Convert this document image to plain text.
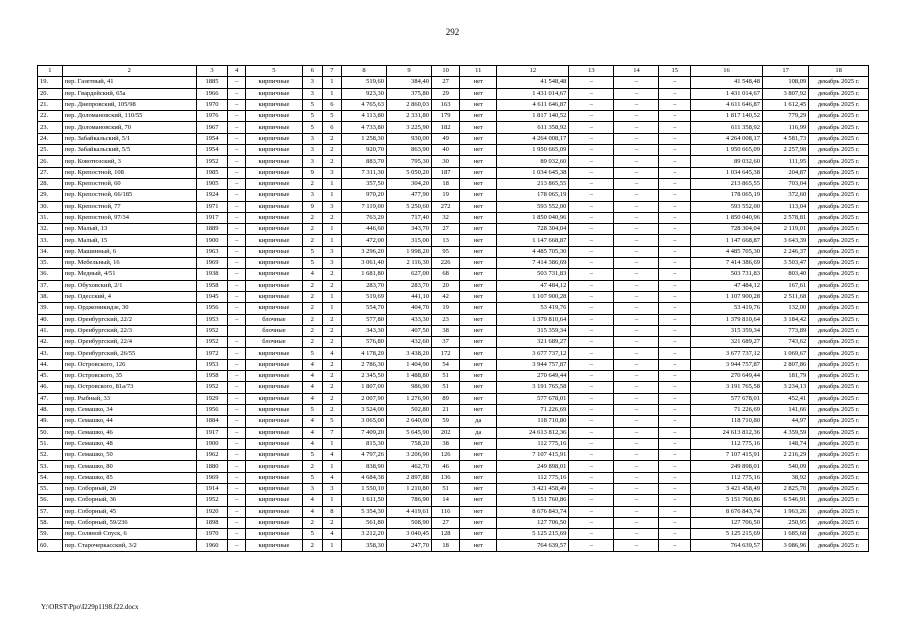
292
1	2	3	4	5	6	7	8	9	10	11	12	13	14	15	16	17	18
19.	пер. Газетный, 41	1885	–	кирпичные	3	1	519,60	384,40	27	нет	41 548,48	–	–	–	41 548,48	108,09	декабрь 2025 г.
20.	пер. Гвардейский, 65а	1966	–	кирпичные	3	1	923,30	375,80	29	нет	1 431 014,67	–	–	–	1 431 014,67	3 807,92	декабрь 2025 г.
21.	пер. Днепровский, 105/98	1970	–	кирпичные	5	6	4 765,63	2 860,03	163	нет	4 611 646,87	–	–	–	4 611 646,87	1 612,45	декабрь 2025 г.
22.	пер. Доломановский, 110/55	1976	–	кирпичные	5	5	4 113,80	2 331,80	179	нет	1 817 140,52	–	–	–	1 817 140,52	779,29	декабрь 2025 г.
23.	пер. Доломановский, 70	1967	–	кирпичные	5	6	4 733,80	3 225,90	182	нет	611 358,92	–	–	–	611 358,92	116,99	декабрь 2025 г.
24.	пер. Забайкальский, 5/1	1954	–	кирпичные	3	2	1 258,30	930,00	49	нет	4 264 008,17	–	–	–	4 264 008,17	4 581,73	декабрь 2025 г.
25.	пер. Забайкальский, 5/5	1954	–	кирпичные	3	2	920,70	863,90	40	нет	1 950 665,09	–	–	–	1 950 665,09	2 257,98	декабрь 2025 г.
26.	пер. Ковотюзский, 3	1952	–	кирпичные	3	2	883,70	795,30	30	нет	89 032,60	–	–	–	89 032,60	111,95	декабрь 2025 г.
27.	пер. Крепостной, 108	1985	–	кирпичные	9	3	7 311,30	5 050,20	187	нет	1 034 645,38	–	–	–	1 034 645,38	204,87	декабрь 2025 г.
28.	пер. Крепостной, 60	1905	–	кирпичные	2	1	357,50	304,20	18	нет	213 865,55	–	–	–	213 865,55	703,04	декабрь 2025 г.
29.	пер. Крепостной, 66/185	1924	–	кирпичные	3	1	970,20	477,90	19	нет	178 065,19	–	–	–	178 065,19	372,60	декабрь 2025 г.
30.	пер. Крепостной, 77	1971	–	кирпичные	9	3	7 119,00	5 250,60	272	нет	593 552,00	–	–	–	593 552,00	113,04	декабрь 2025 г.
31.	пер. Крепостной, 97/34	1917	–	кирпичные	2	2	763,20	717,40	32	нет	1 850 040,96	–	–	–	1 850 040,96	2 578,81	декабрь 2025 г.
32.	пер. Малый, 13	1889	–	кирпичные	2	1	446,60	343,70	27	нет	728 304,04	–	–	–	728 304,04	2 119,01	декабрь 2025 г.
33.	пер. Малый, 15	1900	–	кирпичные	2	1	472,00	315,00	13	нет	1 147 668,87	–	–	–	1 147 668,87	3 643,39	декабрь 2025 г.
34.	пер. Машинный, 6	1963	–	кирпичные	5	3	3 296,20	1 998,20	95	нет	4 485 705,30	–	–	–	4 485 705,30	2 246,37	декабрь 2025 г.
35.	пер. Мебельный, 16	1969	–	кирпичные	5	3	3 061,40	2 116,30	226	нет	7 414 386,69	–	–	–	7 414 386,69	3 503,47	декабрь 2025 г.
36.	пер. Медный, 4/51	1938	–	кирпичные	4	2	1 681,80	627,00	68	нет	503 731,83	–	–	–	503 731,83	803,40	декабрь 2025 г.
37.	пер. Обуховский, 2/1	1958	–	кирпичные	2	2	283,70	283,70	20	нет	47 484,12	–	–	–	47 484,12	167,61	декабрь 2025 г.
38.	пер. Одесский, 4	1945	–	кирпичные	2	1	519,69	441,10	42	нет	1 107 900,28	–	–	–	1 107 900,28	2 511,68	декабрь 2025 г.
39.	пер. Орджоникидзе, 30	1956	–	кирпичные	2	1	554,70	404,70	19	нет	53 419,76	–	–	–	53 419,76	132,00	декабрь 2025 г.
40.	пер. Оренбургский, 22/2	1953	–	блочные	2	2	577,80	433,30	23	нет	1 379 810,64	–	–	–	1 379 810,64	3 184,42	декабрь 2025 г.
41.	пер. Оренбургский, 22/3	1952		блочные	2	2	343,30	407,50	38	нет	315 359,34	–	–	–	315 359,34	773,89	декабрь 2025 г.
42.	пер. Оренбургский, 22/4	1952	–	блочные	2	2	576,80	432,60	37	нет	321 689,27	–	–	–	321 689,27	743,62	декабрь 2025 г.
43.	пер. Оренбургский, 26/55	1972	–	кирпичные	5	4	4 178,20	3 438,20	172	нет	3 677 737,12	–	–	–	3 677 737,12	1 069,67	декабрь 2025 г.
44.	пер. Островского, 126	1953	–	кирпичные	4	2	2 786,30	1 404,90	54	нет	3 944 757,87	–	–	–	3 944 757,87	2 807,86	декабрь 2025 г.
45.	пер. Островского, 35	1958	–	кирпичные	4	2	2 345,50	1 488,80	51	нет	270 649,44	–	–	–	270 649,44	181,79	декабрь 2025 г.
46.	пер. Островского, 81а/73	1952	–	кирпичные	4	2	1 807,00	986,90	51	нет	3 191 765,58	–	–	–	3 191 765,58	3 234,13	декабрь 2025 г.
47.	пер. Рыбный, 33	1929	–	кирпичные	4	2	2 007,90	1 276,90	89	нет	577 678,01	–	–	–	577 678,01	452,41	декабрь 2025 г.
48.	пер. Семашко, 34	1956	–	кирпичные	5	2	3 524,00	502,80	21	нет	71 226,69	–	–	–	71 226,69	141,66	декабрь 2025 г.
49.	пер. Семашко, 44	1884	–	кирпичные	4	5	3 065,00	2 640,00	59	да	118 710,80	–	–	–	118 710,80	44,97	декабрь 2025 г.
50.	пер. Семашко, 46	1917	–	кирпичные	4	7	7 409,20	5 645,90	202	да	24 613 812,36	–	–	–	24 613 812,36	4 359,59	декабрь 2025 г.
51.	пер. Семашко, 48	1900	–	кирпичные	4	1	815,30	758,20	38	нет	112 775,16	–	–	–	112 775,16	148,74	декабрь 2025 г.
52.	пер. Семашко, 50	1962	–	кирпичные	5	4	4 797,26	3 206,90	126	нет	7 107 415,91	–	–	–	7 107 415,91	2 216,29	декабрь 2025 г.
53.	пер. Семашко, 80	1880	–	кирпичные	2	1	838,90	462,70	46	нет	249 898,01	–	–	–	249 898,01	540,09	декабрь 2025 г.
54.	пер. Семашко, 85	1969	–	кирпичные	5	4	4 684,38	2 897,88	136	нет	112 775,16	–	–	–	112 775,16	38,92	декабрь 2025 г.
55.	пер. Соборный, 29	1914	–	кирпичные	3	3	1 550,10	1 210,80	51	нет	3 421 458,49	–	–	–	3 421 458,49	2 825,78	декабрь 2025 г.
56.	пер. Соборный, 36	1952	–	кирпичные	4	1	1 611,50	786,90	14	нет	5 151 760,86	–	–	–	5 151 760,86	6 546,91	декабрь 2025 г.
57.	пер. Соборный, 45	1920	–	кирпичные	4	8	5 354,30	4 419,61	116	нет	8 676 843,74	–	–	–	8 676 843,74	1 963,26	декабрь 2025 г.
58.	пер. Соборный, 59/236	1898	–	кирпичные	2	2	561,80	508,90	27	нет	127 706,50	–	–	–	127 706,50	250,95	декабрь 2025 г.
59.	пер. Соляной Спуск, 6	1970	–	кирпичные	5	4	3 212,20	3 040,45	128	нет	5 125 215,69	–	–	–	5 125 215,69	1 685,68	декабрь 2025 г.
60.	пер. Старочеркасский, 3/2	1960	–	кирпичные	2	1	358,30	247,70	18	нет	764 639,57	–	–	–	764 639,57	3 086,96	декабрь 2025 г.
Y:\ORST\Ppo\I229p1198.f22.docx
